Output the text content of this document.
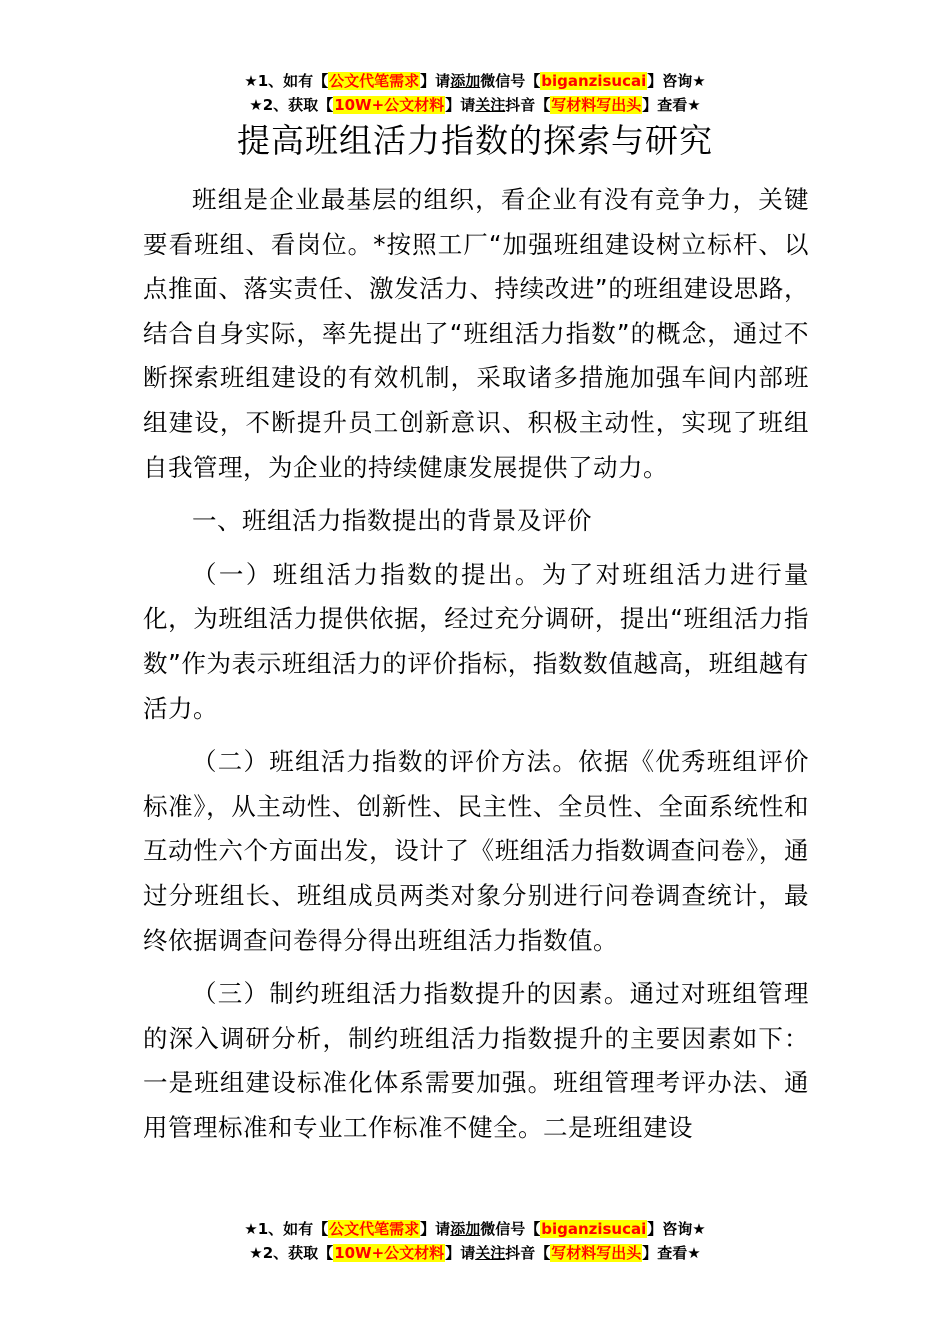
★1、如有【公文代笔需求】请添加微信号【biganzisucai】咨询★
★2、获取【10W+公文材料】请关注抖音【写材料写出头】查看★
提高班组活力指数的探索与研究

班组是企业最基层的组织，看企业有没有竞争力，关键要看班组、看岗位。*按照工厂“加强班组建设树立标杆、以点推面、落实责任、激发活力、持续改进”的班组建设思路，结合自身实际，率先提出了“班组活力指数”的概念，通过不断探索班组建设的有效机制，采取诸多措施加强车间内部班组建设，不断提升员工创新意识、积极主动性，实现了班组自我管理，为企业的持续健康发展提供了动力。

一、班组活力指数提出的背景及评价

（一）班组活力指数的提出。为了对班组活力进行量化，为班组活力提供依据，经过充分调研，提出“班组活力指数”作为表示班组活力的评价指标，指数数值越高，班组越有活力。

（二）班组活力指数的评价方法。依据《优秀班组评价标准》，从主动性、创新性、民主性、全员性、全面系统性和互动性六个方面出发，设计了《班组活力指数调查问卷》，通过分班组长、班组成员两类对象分别进行问卷调查统计，最终依据调查问卷得分得出班组活力指数值。

（三）制约班组活力指数提升的因素。通过对班组管理的深入调研分析，制约班组活力指数提升的主要因素如下：一是班组建设标准化体系需要加强。班组管理考评办法、通用管理标准和专业工作标准不健全。二是班组建设

★1、如有【公文代笔需求】请添加微信号【biganzisucai】咨询★
★2、获取【10W+公文材料】请关注抖音【写材料写出头】查看★
